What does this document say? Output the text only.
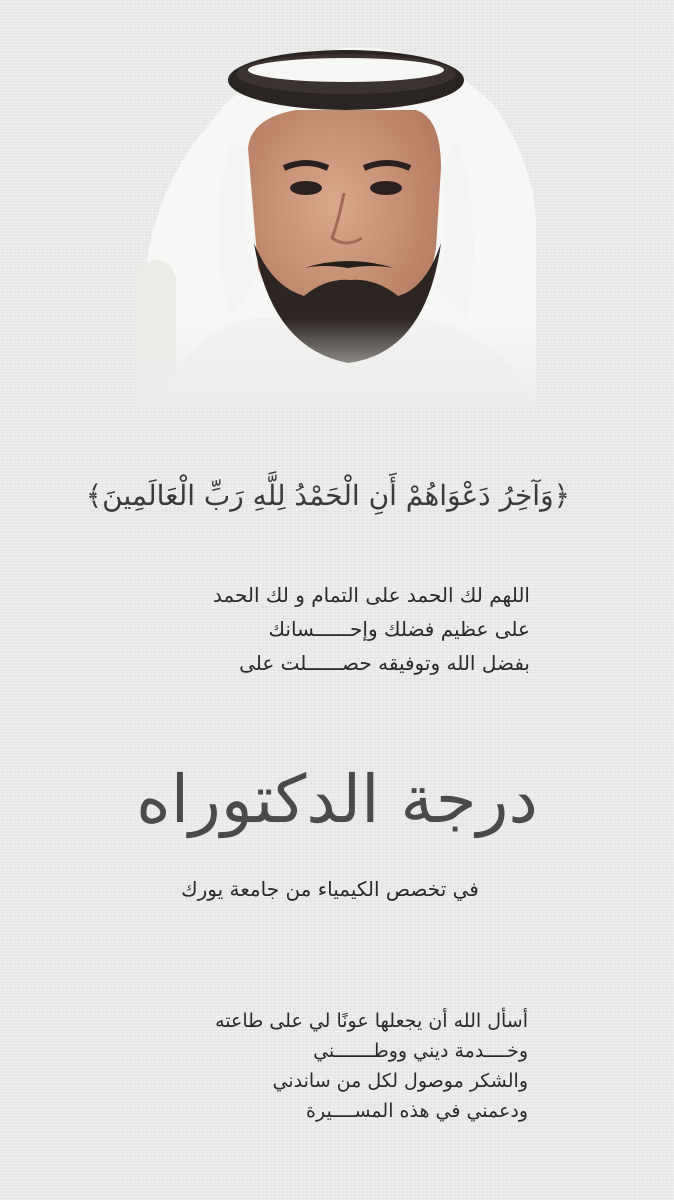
﴿وَآخِرُ دَعْوَاهُمْ أَنِ الْحَمْدُ لِلَّهِ رَبِّ الْعَالَمِينَ﴾
اللهم لك الحمد على التمام و لك الحمد
على عظيم فضلك وإحــــــسانك
بفضل الله وتوفيقه حصــــــلت على
درجة الدكتوراه
في تخصص الكيمياء من جامعة يورك
أسأل الله أن يجعلها عونًا لي على طاعته
وخــــدمة ديني ووطـــــــني
والشكر موصول لكل من ساندني
ودعمني في هذه المســــيرة
